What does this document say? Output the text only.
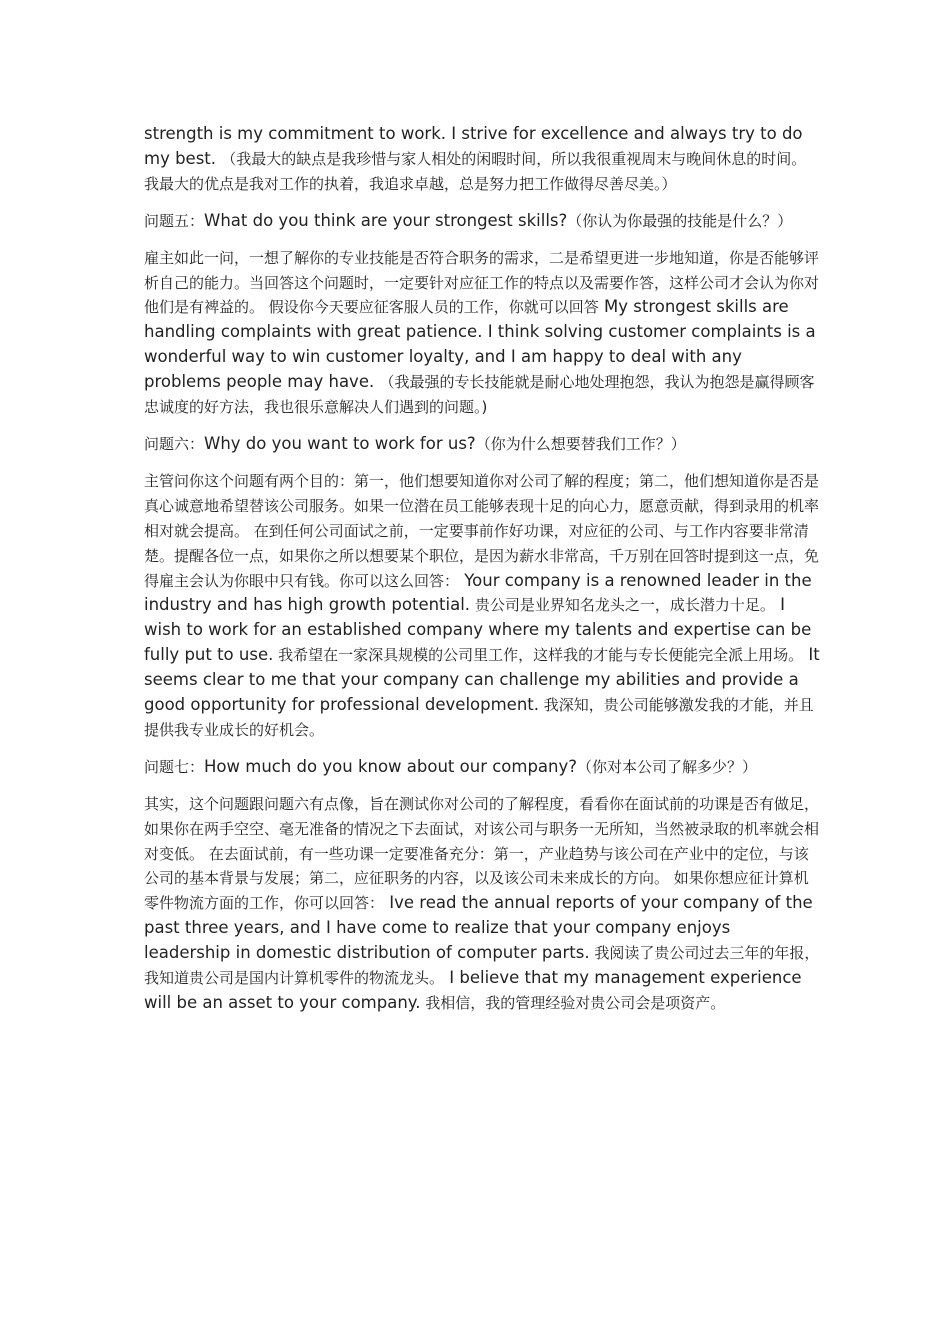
strength is my commitment to work. I strive for excellence and always try to do my best. （我最大的缺点是我珍惜与家人相处的闲暇时间，所以我很重视周末与晚间休息的时间。我最大的优点是我对工作的执着，我追求卓越，总是努力把工作做得尽善尽美。）

问题五：What do you think are your strongest skills?（你认为你最强的技能是什么？）

雇主如此一问，一想了解你的专业技能是否符合职务的需求，二是希望更进一步地知道，你是否能够评析自己的能力。当回答这个问题时，一定要针对应征工作的特点以及需要作答，这样公司才会认为你对他们是有裨益的。 假设你今天要应征客服人员的工作，你就可以回答 My strongest skills are handling complaints with great patience. I think solving customer complaints is a wonderful way to win customer loyalty, and I am happy to deal with any problems people may have. （我最强的专长技能就是耐心地处理抱怨，我认为抱怨是赢得顾客忠诚度的好方法，我也很乐意解决人们遇到的问题。)

问题六：Why do you want to work for us?（你为什么想要替我们工作？）

主管问你这个问题有两个目的：第一，他们想要知道你对公司了解的程度；第二，他们想知道你是否是真心诚意地希望替该公司服务。如果一位潜在员工能够表现十足的向心力，愿意贡献，得到录用的机率相对就会提高。 在到任何公司面试之前，一定要事前作好功课，对应征的公司、与工作内容要非常清楚。提醒各位一点，如果你之所以想要某个职位，是因为薪水非常高，千万别在回答时提到这一点，免得雇主会认为你眼中只有钱。你可以这么回答： Your company is a renowned leader in the industry and has high growth potential. 贵公司是业界知名龙头之一，成长潜力十足。 I wish to work for an established company where my talents and expertise can be fully put to use. 我希望在一家深具规模的公司里工作，这样我的才能与专长便能完全派上用场。 It seems clear to me that your company can challenge my abilities and provide a good opportunity for professional development. 我深知，贵公司能够激发我的才能，并且提供我专业成长的好机会。

问题七：How much do you know about our company?（你对本公司了解多少？）

其实，这个问题跟问题六有点像，旨在测试你对公司的了解程度，看看你在面试前的功课是否有做足，如果你在两手空空、毫无准备的情况之下去面试，对该公司与职务一无所知，当然被录取的机率就会相对变低。 在去面试前，有一些功课一定要准备充分：第一，产业趋势与该公司在产业中的定位，与该公司的基本背景与发展；第二，应征职务的内容，以及该公司未来成长的方向。 如果你想应征计算机零件物流方面的工作，你可以回答： Ive read the annual reports of your company of the past three years, and I have come to realize that your company enjoys leadership in domestic distribution of computer parts. 我阅读了贵公司过去三年的年报，我知道贵公司是国内计算机零件的物流龙头。 I believe that my management experience will be an asset to your company. 我相信，我的管理经验对贵公司会是项资产。
